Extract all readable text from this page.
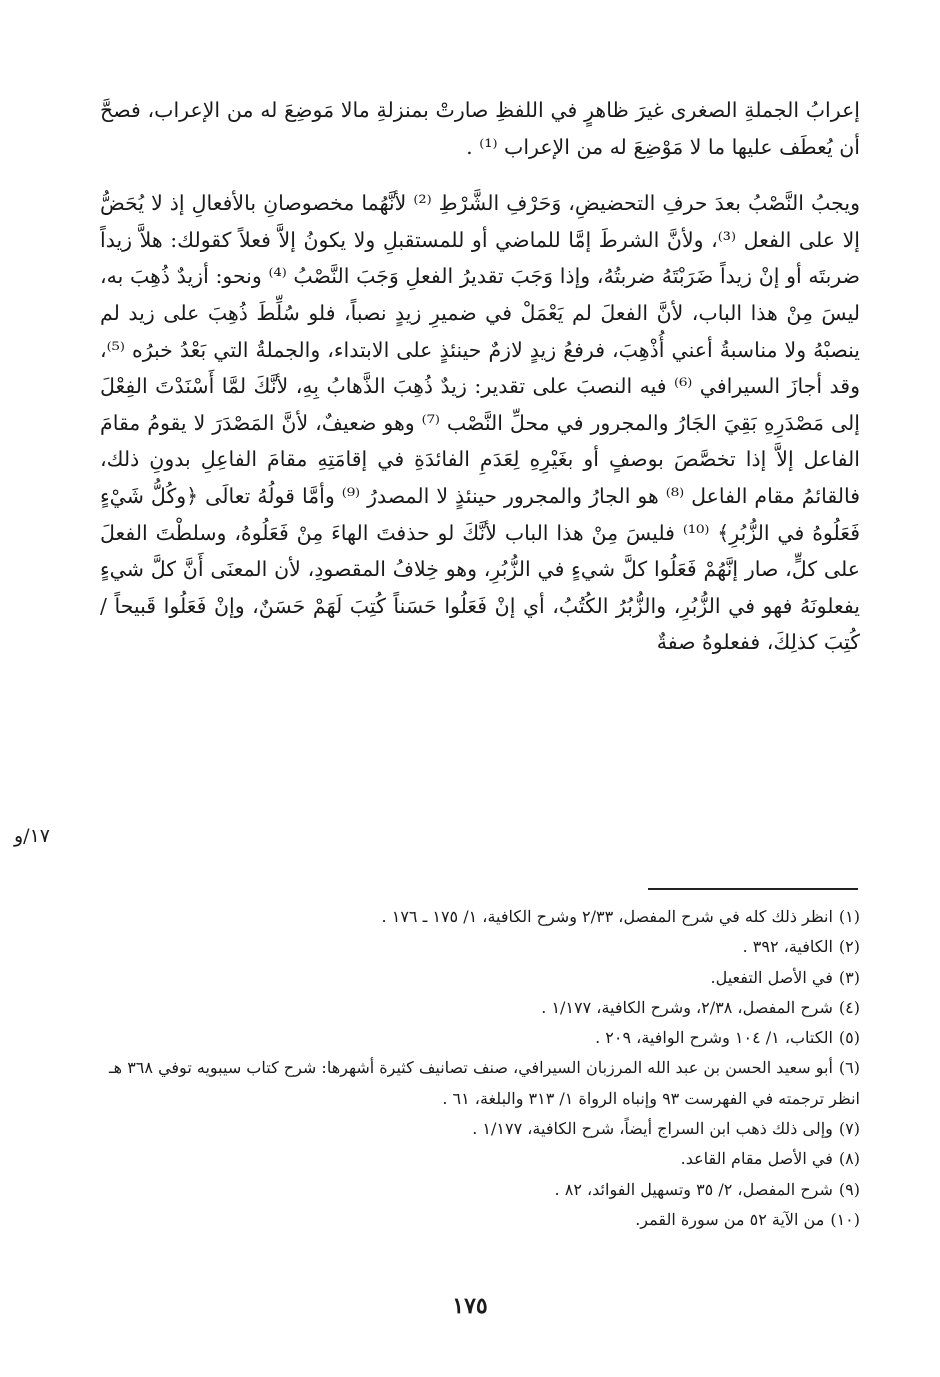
إعرابُ الجملةِ الصغرى غيرَ ظاهرٍ في اللفظِ صارتْ بمنزلةِ مالا مَوضِعَ له من الإعراب، فصحَّ أن يُعطَف عليها ما لا مَوْضِعَ له من الإعراب ⁽¹⁾ .

ويجبُ النَّصْبُ بعدَ حرفِ التحضيضِ، وَحَرْفِ الشَّرْطِ ⁽²⁾ لأنَّهُما مخصوصانِ بالأفعالِ إذ لا يُحَضُّ إلا على الفعل ⁽³⁾، ولأنَّ الشرطَ إمَّا للماضي أو للمستقبلِ ولا يكونُ إلاَّ فعلاً كقولك: هلاَّ زيداً ضربتَه أو إنْ زيداً ضَرَبْتَهُ ضربتُهُ، وإذا وَجَبَ تقديرُ الفعلِ وَجَبَ النَّصْبُ ⁽⁴⁾ ونحو: أزيدٌ ذُهِبَ به، ليسَ مِنْ هذا الباب، لأنَّ الفعلَ لم يَعْمَلْ في ضميرِ زيدٍ نصباً، فلو سُلِّطَ ذُهِبَ على زيد لم ينصبْهُ ولا مناسبةُ أعني أُذْهِبَ، فرفعُ زيدٍ لازمٌ حينئذٍ على الابتداء، والجملةُ التي بَعْدُ خبرُه ⁽⁵⁾، وقد أجازَ السيرافي ⁽⁶⁾ فيه النصبَ على تقدير: زيدٌ ذُهِبَ الذَّهابُ بِهِ، لأنَّكَ لمَّا أَسْنَدْتَ الفِعْلَ إلى مَصْدَرِهِ بَقِيَ الجَارُ والمجرور في محلِّ النَّصْب ⁽⁷⁾ وهو ضعيفٌ، لأنَّ المَصْدَرَ لا يقومُ مقامَ الفاعل إلاَّ إذا تخصَّصَ بوصفٍ أو بغَيْرِهِ لِعَدَمِ الفائدَةِ في إقامَتِهِ مقامَ الفاعِلِ بدونِ ذلك، فالقائمُ مقام الفاعل ⁽⁸⁾ هو الجارُ والمجرور حينئذٍ لا المصدرُ ⁽⁹⁾ وأمَّا قولُهُ تعالَى ﴿وكُلُّ شَيْءٍ فَعَلُوهُ في الزُّبُرِ﴾ ⁽¹⁰⁾ فليسَ مِنْ هذا الباب لأنَّكَ لو حذفتَ الهاءَ مِنْ فَعَلُوهُ، وسلطْتَ الفعلَ على كلٍّ، صار إنَّهُمْ فَعَلُوا كلَّ شيءٍ في الزُّبُرِ، وهو خِلافُ المقصودِ، لأن المعنَى أَنَّ كلَّ شيءٍ يفعلونَهُ فهو في الزُّبُرِ، والزُّبُرُ الكُتُبُ، أي إنْ فَعَلُوا حَسَناً كُتِبَ لَهَمْ حَسَنٌ، وإنْ فَعَلُوا قَبيحاً / كُتِبَ كذلِكَ، ففعلوهُ صفةٌ

١٧/و

(١)انظر ذلك كله في شرح المفصل، ٢/٣٣ وشرح الكافية، ١/ ١٧٥ ـ ١٧٦ .

(٢)الكافية، ٣٩٢ .

(٣)في الأصل التفعيل.

(٤)شرح المفصل، ٢/٣٨، وشرح الكافية، ١/١٧٧ .

(٥)الكتاب، ١/ ١٠٤ وشرح الوافية، ٢٠٩ .

(٦)أبو سعيد الحسن بن عبد الله المرزبان السيرافي، صنف تصانيف كثيرة أشهرها: شرح كتاب سيبويه توفي ٣٦٨ هـ انظر ترجمته في الفهرست ٩٣ وإنباه الرواة ١/ ٣١٣ والبلغة، ٦١ .

(٧)وإلى ذلك ذهب ابن السراج أيضاً، شرح الكافية، ١/١٧٧ .

(٨)في الأصل مقام القاعد.

(٩)شرح المفصل، ٢/ ٣٥ وتسهيل الفوائد، ٨٢ .

(١٠)من الآية ٥٢ من سورة القمر.

١٧٥
